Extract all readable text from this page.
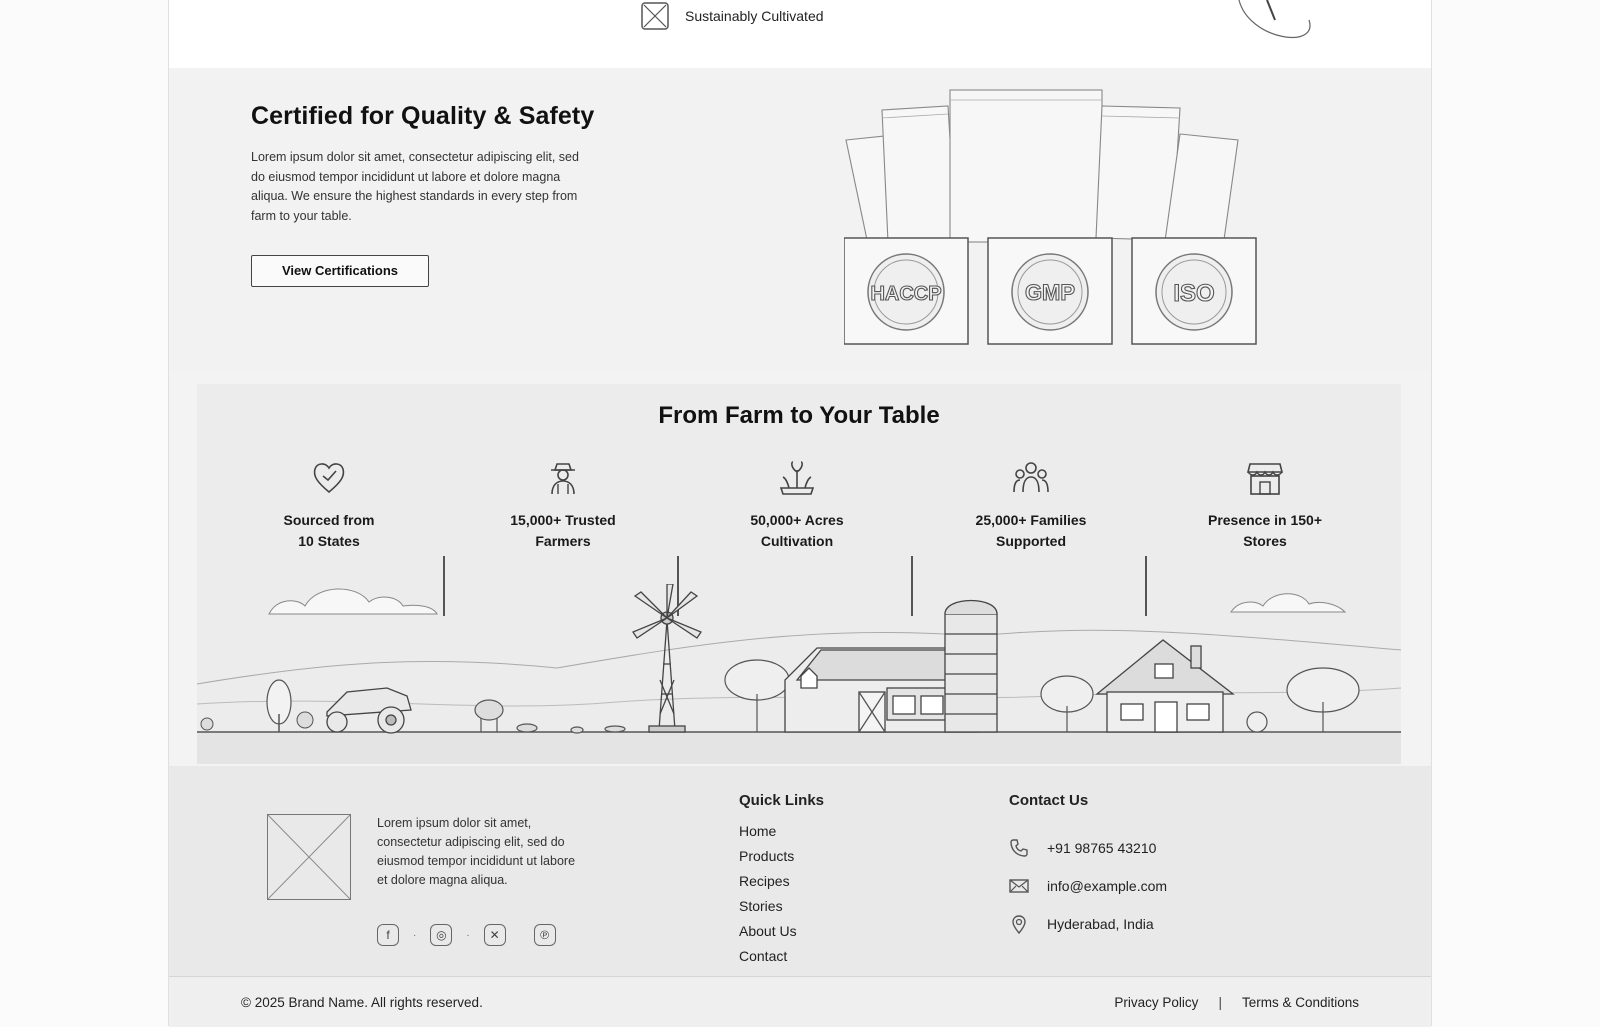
Sustainably Cultivated
Certified for Quality & Safety

Lorem ipsum dolor sit amet, consectetur adipiscing elit, sed do eiusmod tempor incididunt ut labore et dolore magna aliqua. We ensure the highest standards in every step from farm to your table.

View Certifications
HACCP	GMP	ISO
From Farm to Your Table
Sourced from
10 States
15,000+ Trusted
Farmers
50,000+ Acres
Cultivation
25,000+ Families
Supported
Presence in 150+
Stores

Lorem ipsum dolor sit amet, consectetur adipiscing elit, sed do eiusmod tempor incididunt ut labore et dolore magna aliqua.

f	·	◎	·	✕	℗
Quick Links
Home
Products
Recipes
Stories
About Us
Contact
Contact Us
+91 98765 43210
info@example.com
Hyderabad, India
© 2025 Brand Name. All rights reserved.	Privacy Policy | Terms & Conditions
